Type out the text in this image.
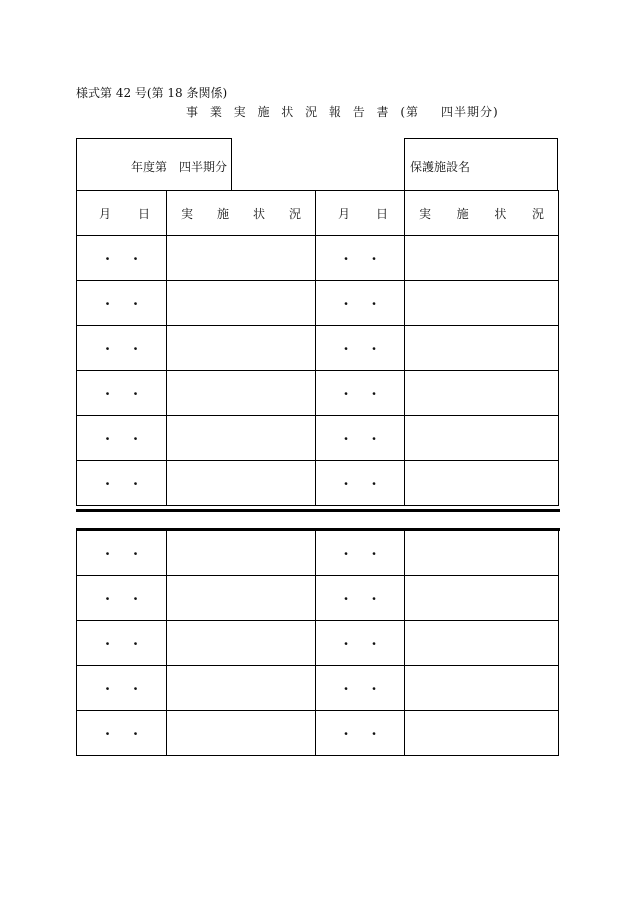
様式第 42 号(第 18 条関係)
事 業 実 施 状 況 報 告 書 (第 四半期分)
年度第　四半期分	保護施設名
月 日	実 施 状 況	月 日	実 施 状 況

・・		・・	
・・		・・	
・・		・・	
・・		・・	
・・		・・	
・・		・・	
・・		・・	
・・		・・	
・・		・・	
・・		・・	
・・		・・	
